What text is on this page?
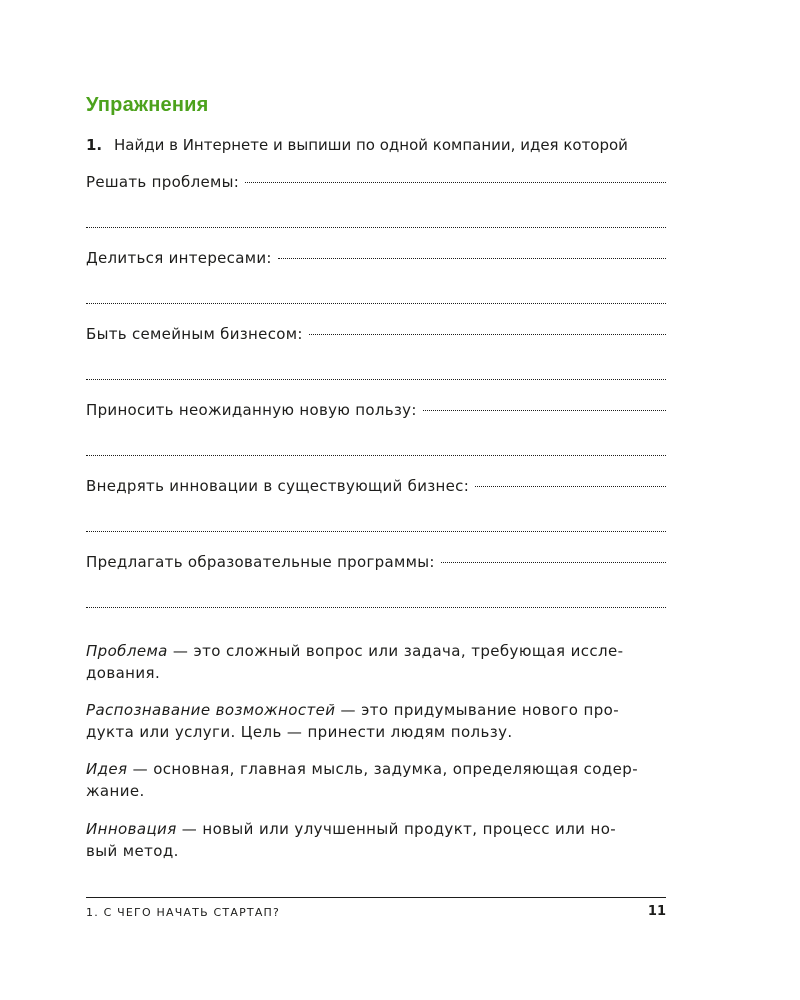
Упражнения
1. Найди в Интернете и выпиши по одной компании, идея которой
Решать проблемы:
Делиться интересами:
Быть семейным бизнесом:
Приносить неожиданную новую пользу:
Внедрять инновации в существующий бизнес:
Предлагать образовательные программы:

Проблема — это сложный вопрос или задача, требующая иссле-
дования.

Распознавание возможностей — это придумывание нового про-
дукта или услуги. Цель — принести людям пользу.

Идея — основная, главная мысль, задумка, определяющая содер-
жание.

Инновация — новый или улучшенный продукт, процесс или но-
вый метод.

1. С ЧЕГО НАЧАТЬ СТАРТАП?	11
